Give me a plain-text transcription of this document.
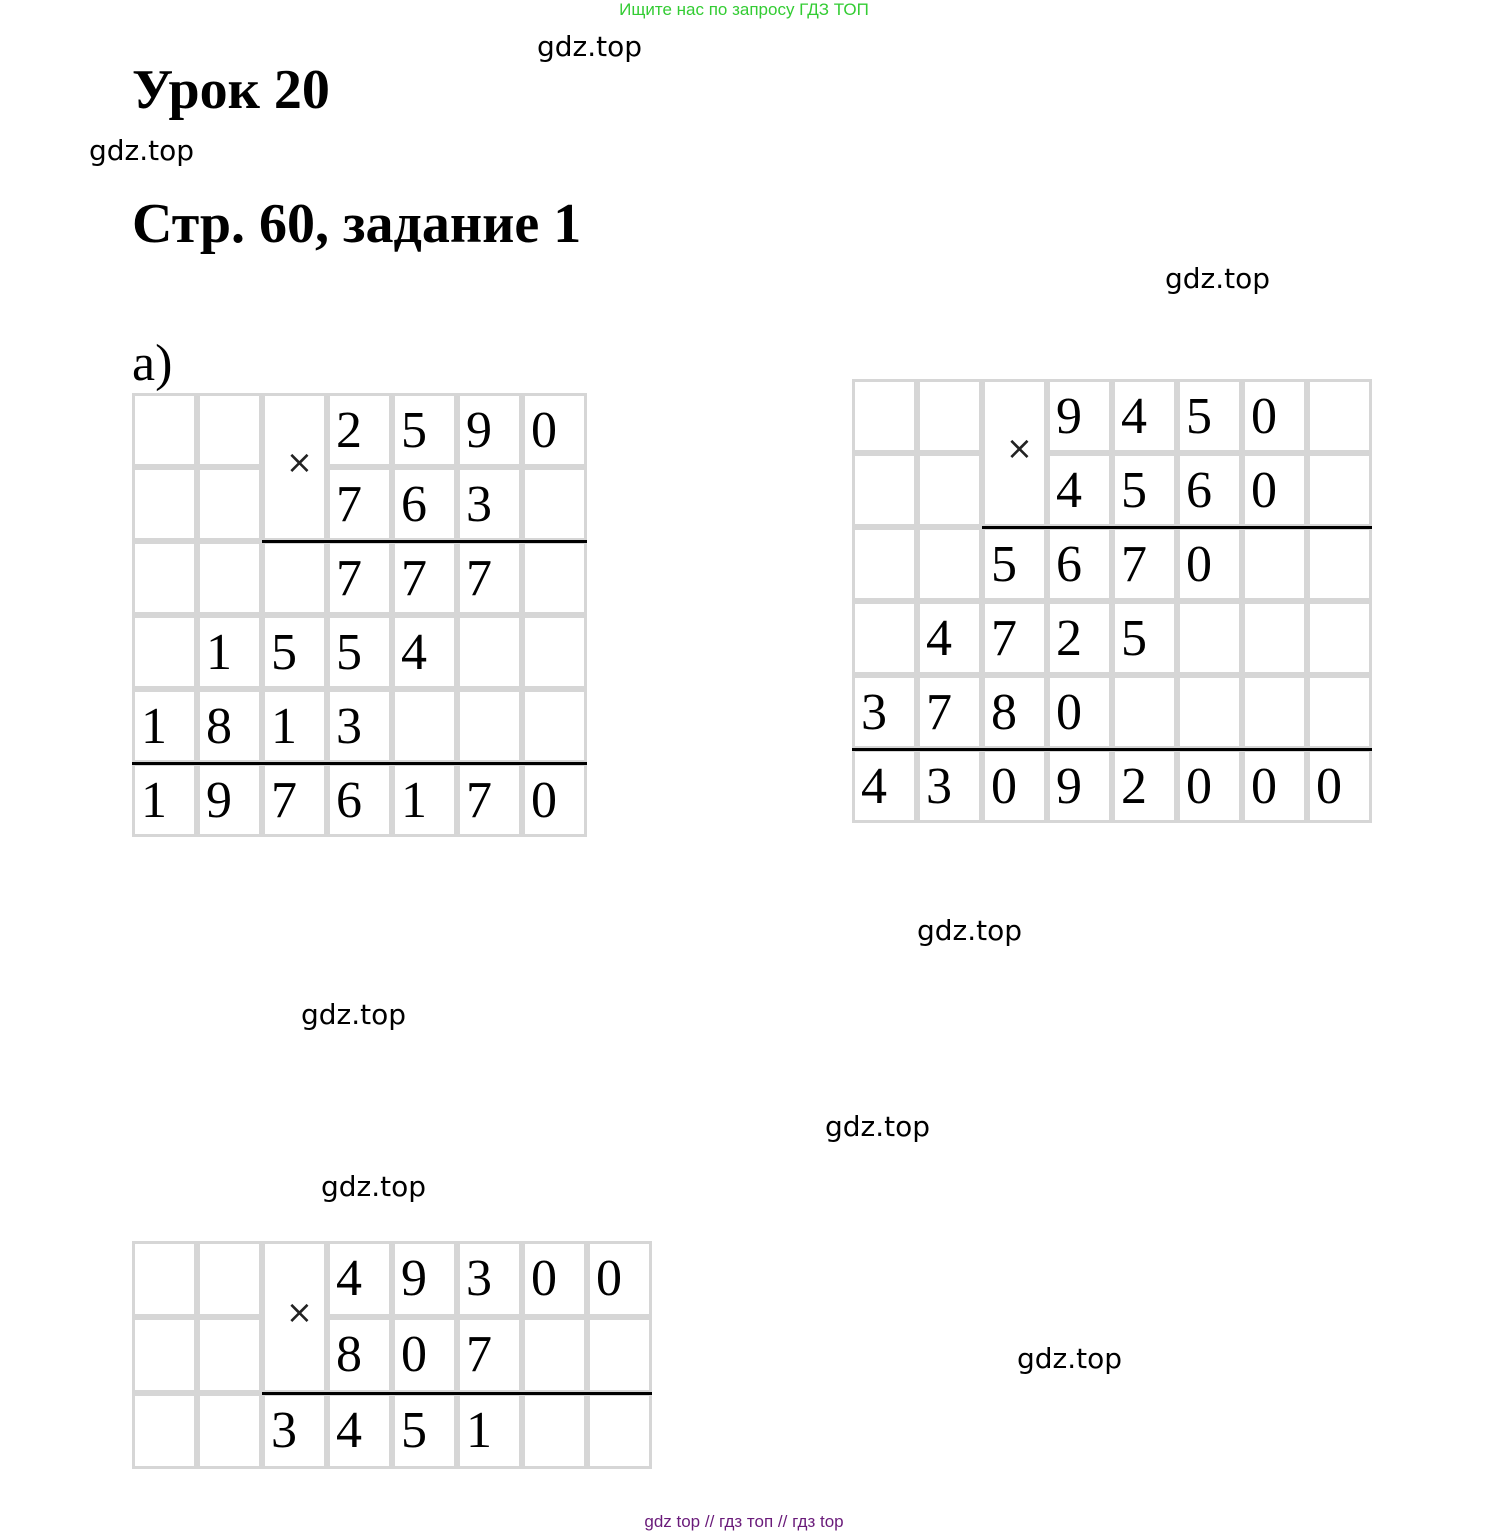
Ищите нас по запросу ГДЗ ТОП
Урок 20
Стр. 60, задание 1
а)
gdz.top
gdz.top
gdz.top
gdz.top
gdz.top
gdz.top
gdz.top
gdz.top
×
2 5 9 0
7 6 3
7 7 7
1 5 5 4
1 8 1 3
1 9 7 6 1 7 0
×
9 4 5 0
4 5 6 0
5 6 7 0
4 7 2 5
3 7 8 0
4 3 0 9 2 0 0 0
×
4 9 3 0 0
8 0 7
3 4 5 1
gdz top // гдз топ // гдз top
